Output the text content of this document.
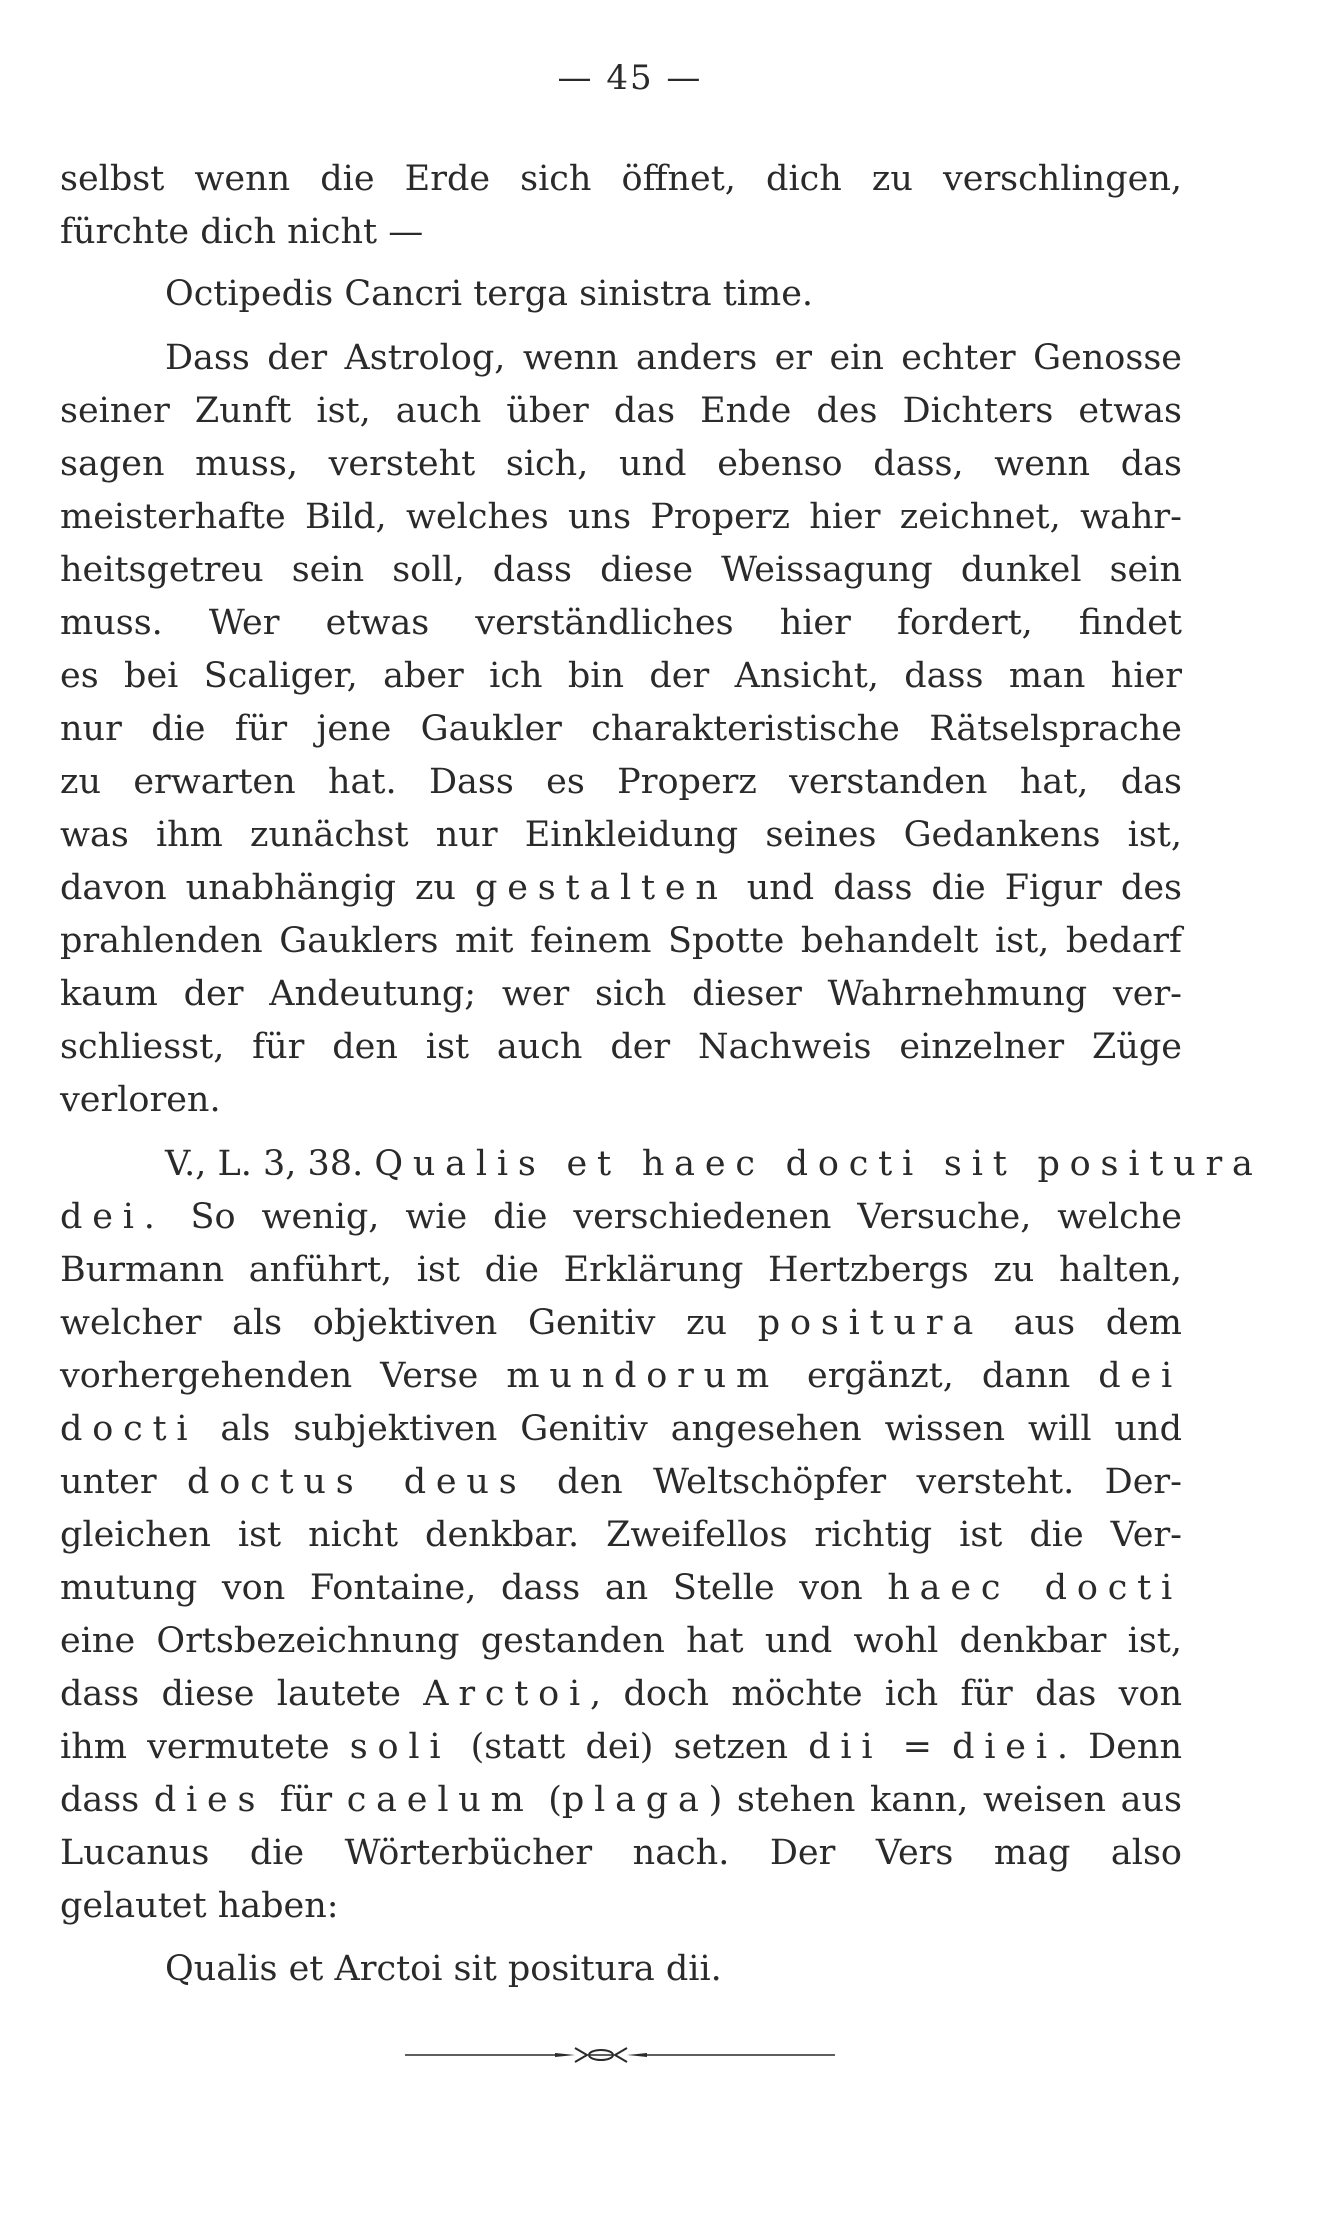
— 45 —
selbst wenn die Erde sich öffnet, dich zu verschlingen,
fürchte dich nicht —
Octipedis Cancri terga sinistra time.
Dass der Astrolog, wenn anders er ein echter Genosse
seiner Zunft ist, auch über das Ende des Dichters etwas
sagen muss, versteht sich, und ebenso dass, wenn das
meisterhafte Bild, welches uns Properz hier zeichnet, wahr-
heitsgetreu sein soll, dass diese Weissagung dunkel sein
muss. Wer etwas verständliches hier fordert, findet
es bei Scaliger, aber ich bin der Ansicht, dass man hier
nur die für jene Gaukler charakteristische Rätselsprache
zu erwarten hat. Dass es Properz verstanden hat, das
was ihm zunächst nur Einkleidung seines Gedankens ist,
davon unabhängig zu gestalten und dass die Figur des
prahlenden Gauklers mit feinem Spotte behandelt ist, bedarf
kaum der Andeutung; wer sich dieser Wahrnehmung ver-
schliesst, für den ist auch der Nachweis einzelner Züge
verloren.
V., L. 3, 38. Qualis et haec docti sit positura
dei. So wenig, wie die verschiedenen Versuche, welche
Burmann anführt, ist die Erklärung Hertzbergs zu halten,
welcher als objektiven Genitiv zu positura aus dem
vorhergehenden Verse mundorum ergänzt, dann dei
docti als subjektiven Genitiv angesehen wissen will und
unter doctus deus den Weltschöpfer versteht. Der-
gleichen ist nicht denkbar. Zweifellos richtig ist die Ver-
mutung von Fontaine, dass an Stelle von haec docti
eine Ortsbezeichnung gestanden hat und wohl denkbar ist,
dass diese lautete Arctoi, doch möchte ich für das von
ihm vermutete soli (statt dei) setzen dii = diei. Denn
dass dies für caelum (plaga) stehen kann, weisen aus
Lucanus die Wörterbücher nach. Der Vers mag also
gelautet haben:
Qualis et Arctoi sit positura dii.
